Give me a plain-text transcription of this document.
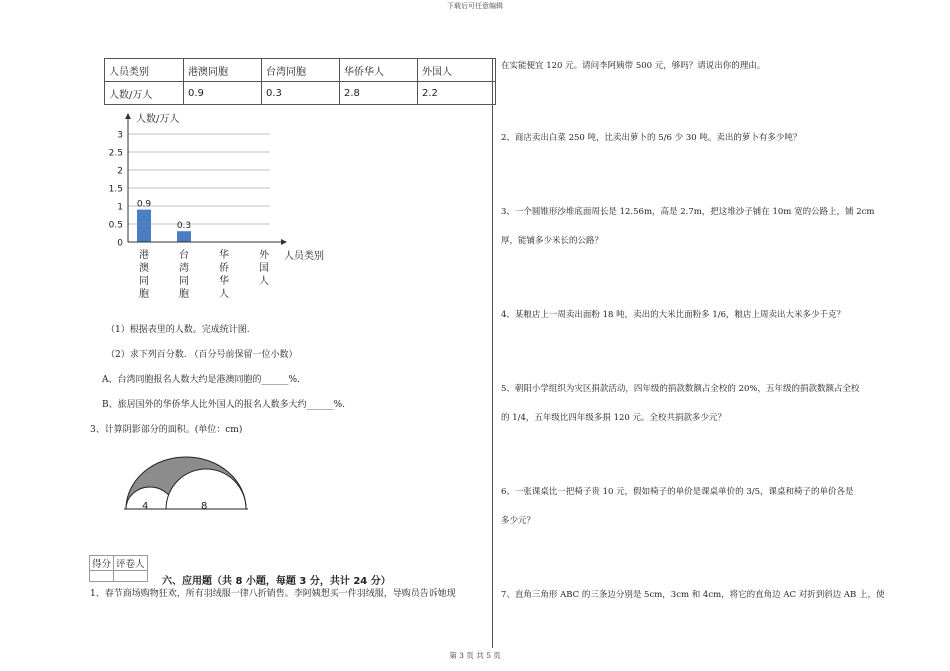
下载后可任意编辑
人员类别	港澳同胞	台湾同胞	华侨华人	外国人
人数/万人	0.9	0.3	2.8	2.2
0
0.5
1
1.5
2
2.5
3
0.9
港澳同胞
0.3
台湾同胞
华侨华人
外国人
人数/万人
人员类别
（1）根据表里的人数。完成统计图.
（2）求下列百分数. （百分号前保留一位小数）
A、台湾同胞报名人数大约是港澳同胞的______%.
B、旅居国外的华侨华人比外国人的报名人数多大约______%.
3、计算阴影部分的面积。(单位：cm)
4	8
得分	评卷人

六、应用题（共 8 小题，每题 3 分，共计 24 分）
1、春节商场购物狂欢，所有羽绒服一律八折销售。李阿姨想买一件羽绒服，导购员告诉她现
在实能便宜 120 元。请问李阿姨带 500 元，够吗？请说出你的理由。
2、商店卖出白菜 250 吨，比卖出萝卜的 5/6 少 30 吨。卖出的萝卜有多少吨？
3、一个圆锥形沙堆底面周长是 12.56m，高是 2.7m，把这堆沙子铺在 10m 宽的公路上，铺 2cm
厚，能铺多少米长的公路？
4、某粮店上一周卖出面粉 18 吨，卖出的大米比面粉多 1/6，粮店上周卖出大米多少千克？
5、朝阳小学组织为灾区捐款活动，四年级的捐款数额占全校的 20%，五年级的捐款数额占全校
的 1/4，五年级比四年级多捐 120 元。全校共捐款多少元？
6、一张课桌比一把椅子贵 10 元，假如椅子的单价是课桌单价的 3/5，课桌和椅子的单价各是
多少元？
7、直角三角形 ABC 的三条边分别是 5cm，3cm 和 4cm，将它的直角边 AC 对折到斜边 AB 上，使
第 3 页 共 5 页
